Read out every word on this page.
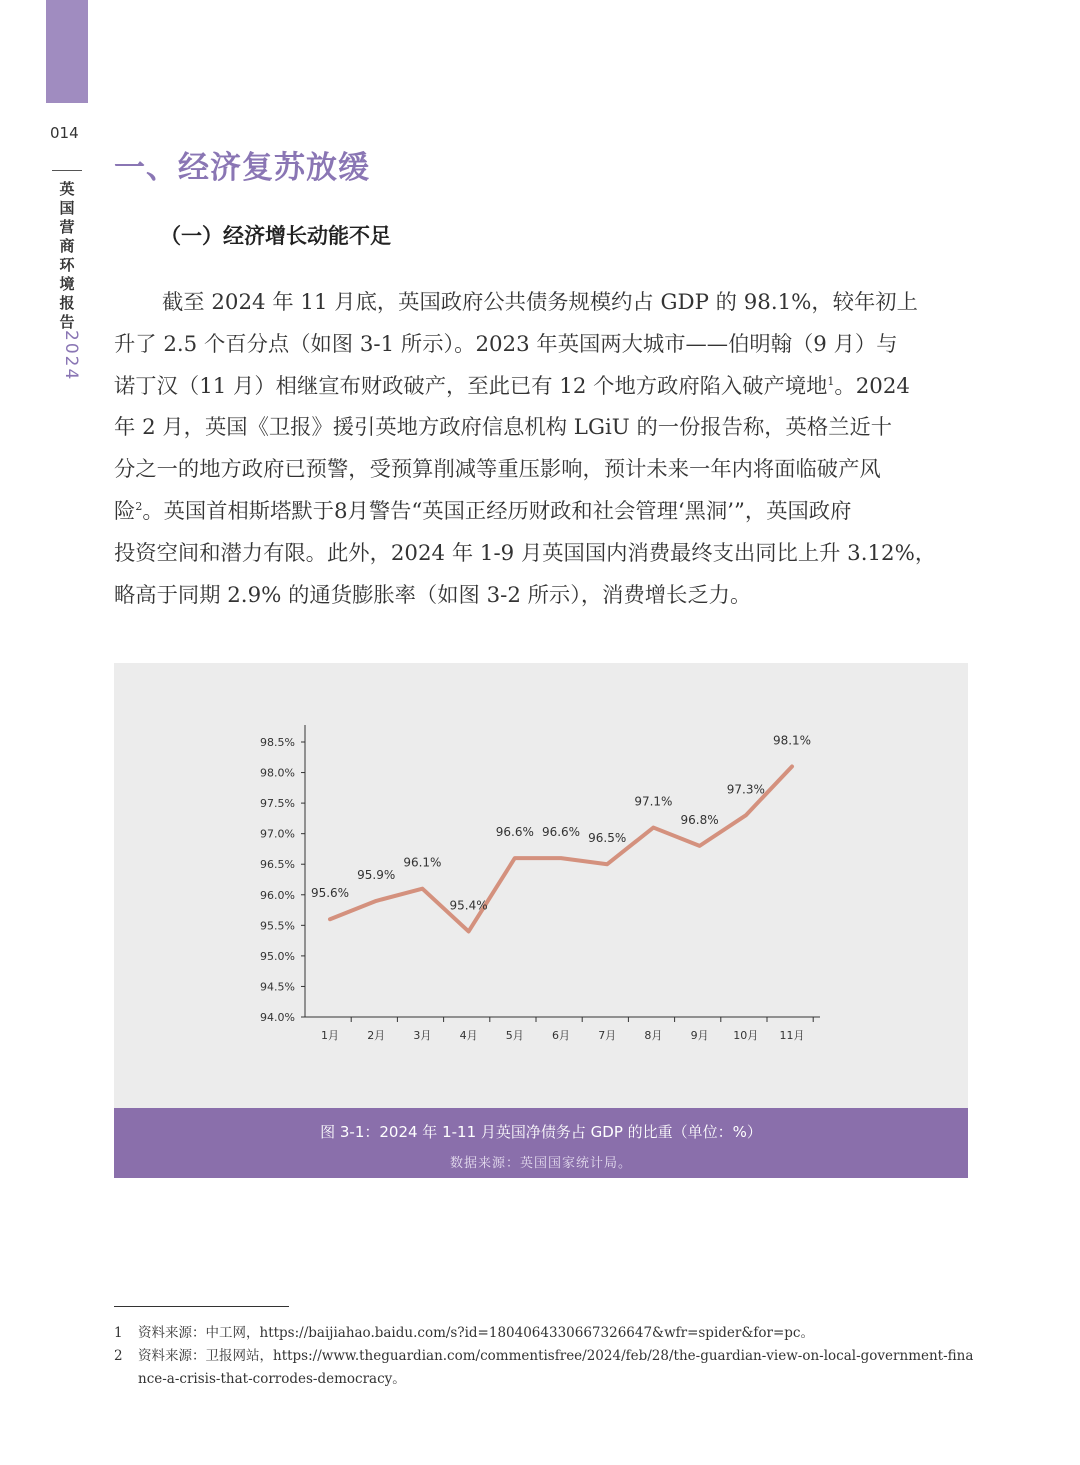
014
英国营商环境报告
2024
一、经济复苏放缓
（一）经济增长动能不足
截至 2024 年 11 月底，英国政府公共债务规模约占 GDP 的 98.1%，较年初上
升了 2.5 个百分点（如图 3-1 所示）。2023 年英国两大城市——伯明翰（9 月）与
诺丁汉（11 月）相继宣布财政破产，至此已有 12 个地方政府陷入破产境地$^1$。2024
年 2 月，英国《卫报》援引英地方政府信息机构 LGiU 的一份报告称，英格兰近十
分之一的地方政府已预警，受预算削减等重压影响，预计未来一年内将面临破产风
险$^2$。英国首相斯塔默于8月警告“英国正经历财政和社会管理‘黑洞’”，英国政府
投资空间和潜力有限。此外，2024 年 1-9 月英国国内消费最终支出同比上升 3.12%，
略高于同期 2.9% 的通货膨胀率（如图 3-2 所示），消费增长乏力。
94.0%
94.5%
95.0%
95.5%
96.0%
96.5%
97.0%
97.5%
98.0%
98.5%
1月	2月	3月	4月	5月	6月	7月	8月	9月 10月 11月
95.6%
95.9%
96.1%
95.4%
96.6% 96.6% 96.5%
97.1%
96.8%
97.3%
98.1%
图 3-1：2024 年 1-11 月英国净债务占 GDP 的比重（单位：%）
数据来源：英国国家统计局。
1	资料来源：中工网，https://baijiahao.baidu.com/s?id=1804064330667326647&wfr=spider&for=pc。
2	资料来源：卫报网站，https://www.theguardian.com/commentisfree/2024/feb/28/the-guardian-view-on-local-government-finance-a-crisis-that-corrodes-democracy。
